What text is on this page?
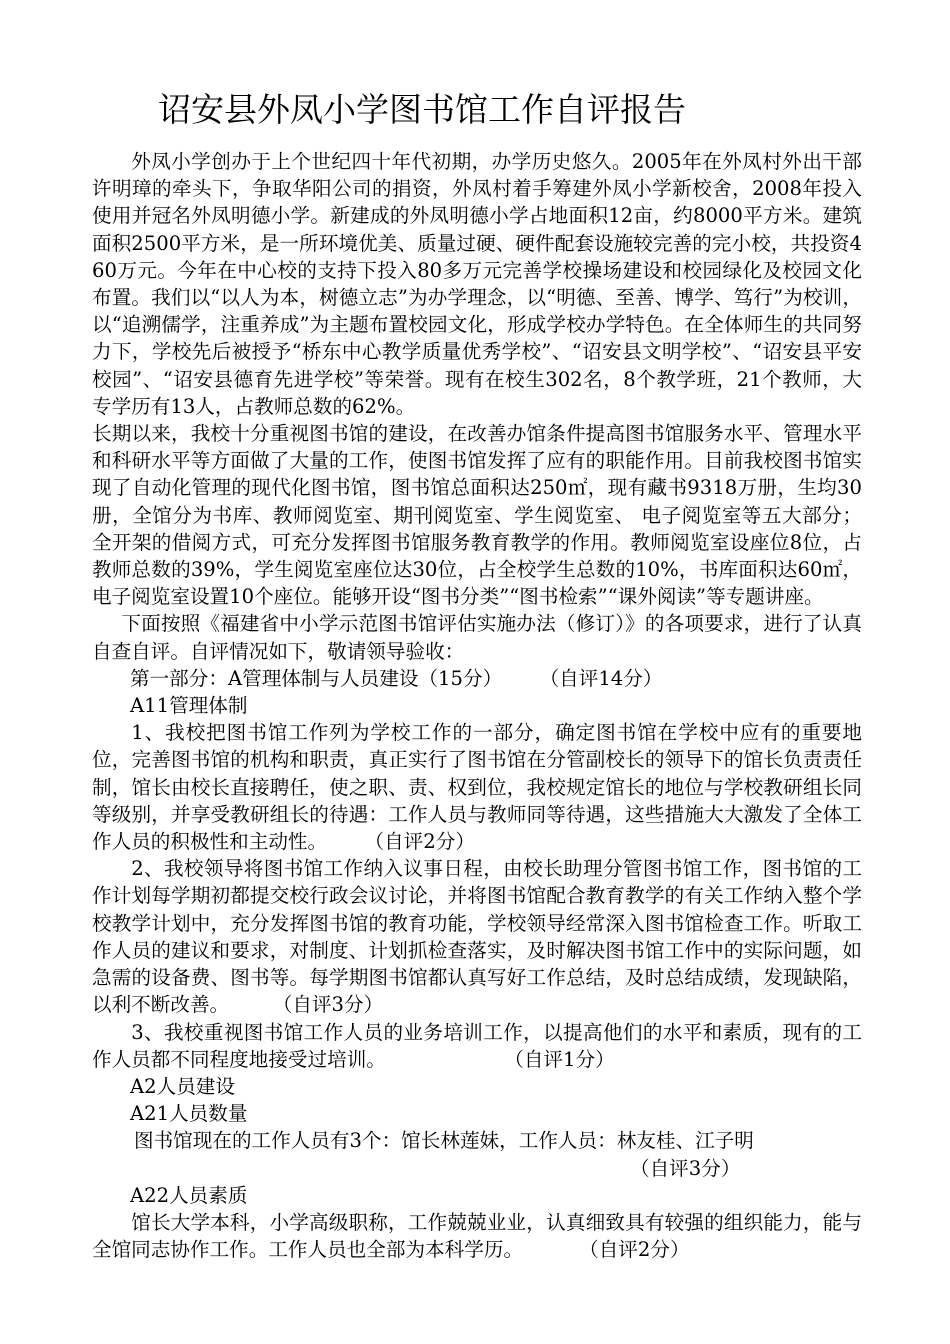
诏安县外凤小学图书馆工作自评报告

外凤小学创办于上个世纪四十年代初期，办学历史悠久。2005年在外凤村外出干部许明璋的牵头下，争取华阳公司的捐资，外凤村着手筹建外凤小学新校舍，2008年投入使用并冠名外凤明德小学。新建成的外凤明德小学占地面积12亩，约8000平方米。建筑面积2500平方米，是一所环境优美、质量过硬、硬件配套设施较完善的完小校，共投资460万元。今年在中心校的支持下投入80多万元完善学校操场建设和校园绿化及校园文化布置。我们以“以人为本，树德立志”为办学理念，以“明德、至善、博学、笃行”为校训，以“追溯儒学，注重养成”为主题布置校园文化，形成学校办学特色。在全体师生的共同努力下，学校先后被授予“桥东中心教学质量优秀学校”、“诏安县文明学校”、“诏安县平安校园”、“诏安县德育先进学校”等荣誉。现有在校生302名，8个教学班，21个教师，大专学历有13人，占教师总数的62%。

长期以来，我校十分重视图书馆的建设，在改善办馆条件提高图书馆服务水平、管理水平和科研水平等方面做了大量的工作，使图书馆发挥了应有的职能作用。目前我校图书馆实现了自动化管理的现代化图书馆，图书馆总面积达250㎡，现有藏书9318万册，生均30册，全馆分为书库、教师阅览室、期刊阅览室、学生阅览室、 电子阅览室等五大部分；全开架的借阅方式，可充分发挥图书馆服务教育教学的作用。教师阅览室设座位8位，占教师总数的39%，学生阅览室座位达30位，占全校学生总数的10%，书库面积达60㎡，电子阅览室设置10个座位。能够开设“图书分类”“图书检索”“课外阅读”等专题讲座。

下面按照《福建省中小学示范图书馆评估实施办法（修订）》的各项要求，进行了认真自查自评。自评情况如下，敬请领导验收：

第一部分：A管理体制与人员建设（15分） （自评14分）

A11管理体制

1、我校把图书馆工作列为学校工作的一部分，确定图书馆在学校中应有的重要地位，完善图书馆的机构和职责，真正实行了图书馆在分管副校长的领导下的馆长负责责任制，馆长由校长直接聘任，使之职、责、权到位，我校规定馆长的地位与学校教研组长同等级别，并享受教研组长的待遇：工作人员与教师同等待遇，这些措施大大激发了全体工作人员的积极性和主动性。 （自评2分）

2、我校领导将图书馆工作纳入议事日程，由校长助理分管图书馆工作，图书馆的工作计划每学期初都提交校行政会议讨论，并将图书馆配合教育教学的有关工作纳入整个学校教学计划中，充分发挥图书馆的教育功能，学校领导经常深入图书馆检查工作。听取工作人员的建议和要求，对制度、计划抓检查落实，及时解决图书馆工作中的实际问题，如急需的设备费、图书等。每学期图书馆都认真写好工作总结，及时总结成绩，发现缺陷，以利不断改善。 （自评3分）

3、我校重视图书馆工作人员的业务培训工作，以提高他们的水平和素质，现有的工作人员都不同程度地接受过培训。	（自评1分）

A2人员建设

A21人员数量

图书馆现在的工作人员有3个：馆长林莲妹，工作人员：林友桂、江子明

（自评3分）

A22人员素质

馆长大学本科，小学高级职称，工作兢兢业业，认真细致具有较强的组织能力，能与全馆同志协作工作。工作人员也全部为本科学历。	（自评2分）
